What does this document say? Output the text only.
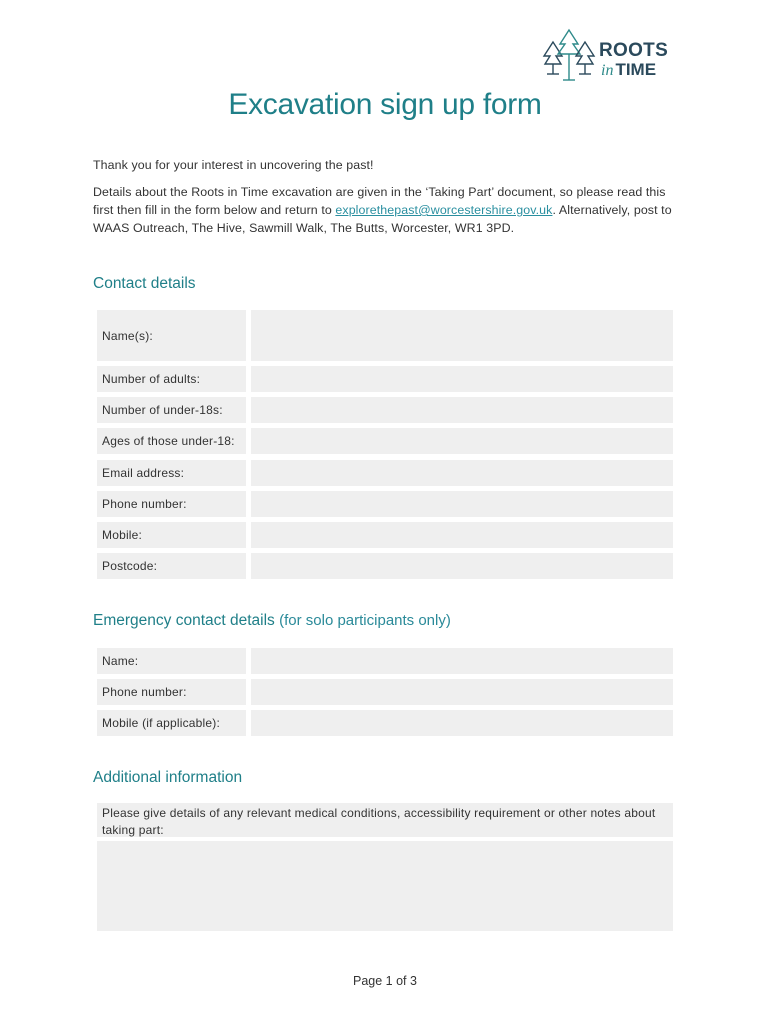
ROOTS
in TIME
Excavation sign up form

Thank you for your interest in uncovering the past!

Details about the Roots in Time excavation are given in the ‘Taking Part’ document, so please read this first then fill in the form below and return to explorethepast@worcestershire.gov.uk. Alternatively, post to WAAS Outreach, The Hive, Sawmill Walk, The Butts, Worcester, WR1 3PD.

Contact details
Name(s):
Number of adults:
Number of under-18s:
Ages of those under-18:
Email address:
Phone number:
Mobile:
Postcode:
Emergency contact details (for solo participants only)
Name:
Phone number:
Mobile (if applicable):
Additional information
Please give details of any relevant medical conditions, accessibility requirement or other notes about taking part:
Page 1 of 3
